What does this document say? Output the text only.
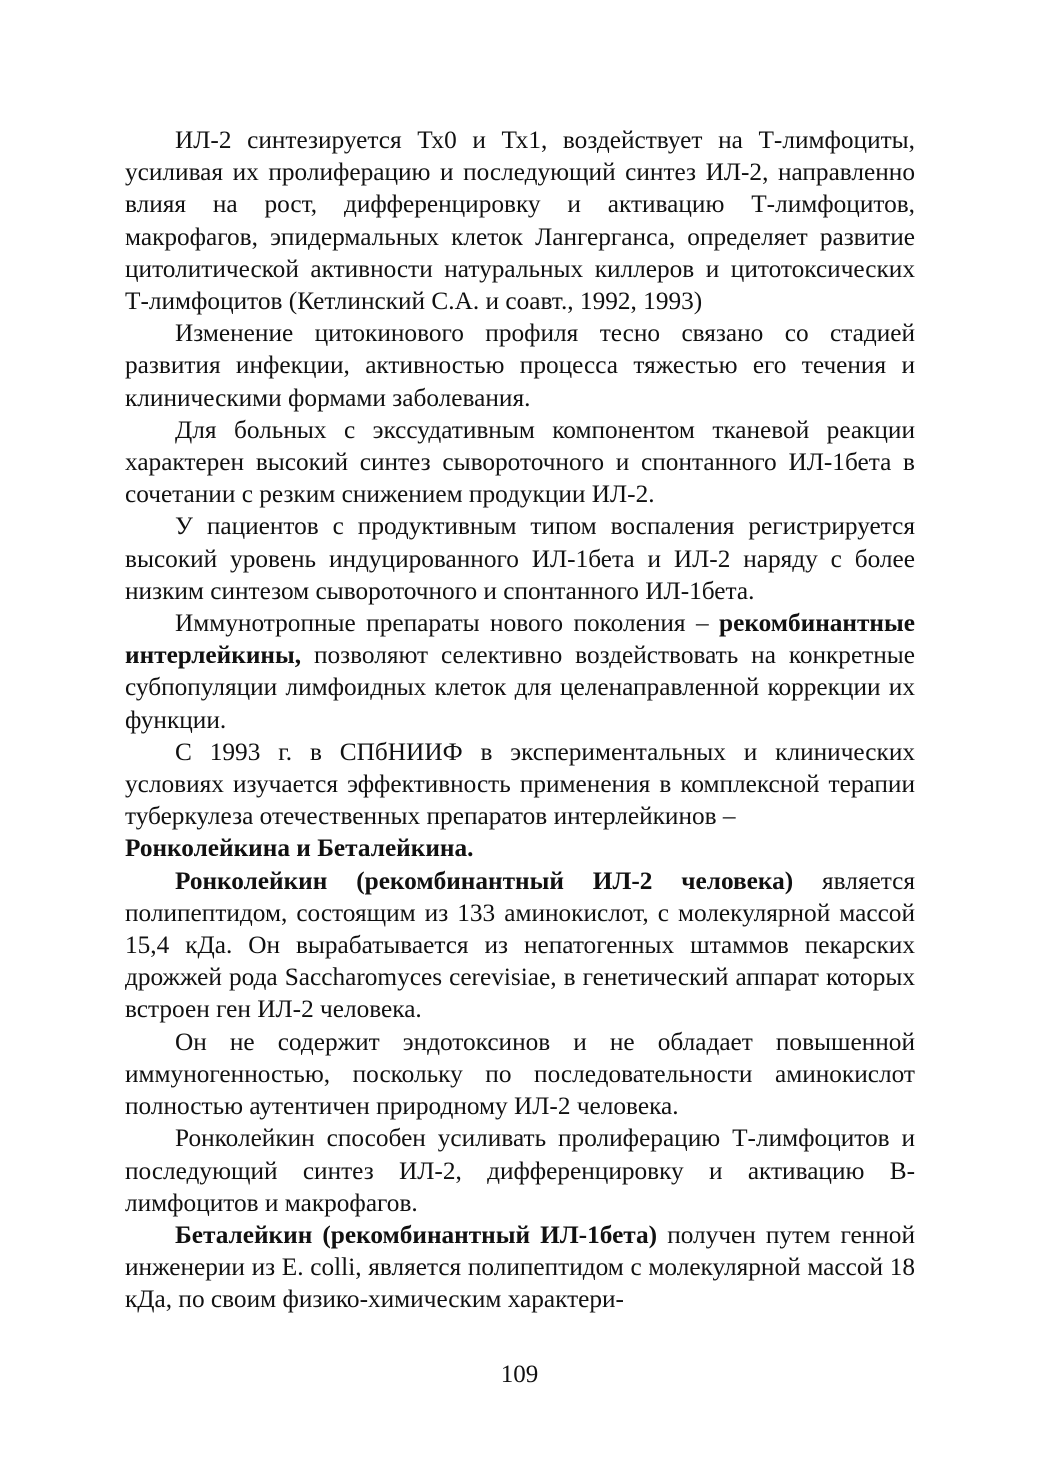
ИЛ-2 синтезируется Тх0 и Тх1, воздействует на Т-лимфоциты, усиливая их пролиферацию и последующий синтез ИЛ-2, направленно влияя на рост, дифференцировку и активацию Т-лимфоцитов, макрофагов, эпидермальных клеток Лангерганса, определяет развитие цитолитической активности натуральных киллеров и цитотоксических Т-лимфоцитов (Кетлинский С.А. и соавт., 1992, 1993)

Изменение цитокинового профиля тесно связано со стадией развития инфекции, активностью процесса тяжестью его течения и клиническими формами заболевания.

Для больных с экссудативным компонентом тканевой реакции характерен высокий синтез сывороточного и спонтанного ИЛ-1бета в сочетании с резким снижением продукции ИЛ-2.

У пациентов с продуктивным типом воспаления регистрируется высокий уровень индуцированного ИЛ-1бета и ИЛ-2 наряду с более низким синтезом сывороточного и спонтанного ИЛ-1бета.

Иммунотропные препараты нового поколения – рекомбинантные интерлейкины, позволяют селективно воздействовать на конкретные субпопуляции лимфоидных клеток для целенаправленной коррекции их функции.

С 1993 г. в СПбНИИФ в экспериментальных и клинических условиях изучается эффективность применения в комплексной терапии туберкулеза отечественных препаратов интерлейкинов –

Ронколейкина и Беталейкина.

Ронколейкин (рекомбинантный ИЛ-2 человека) является полипептидом, состоящим из 133 аминокислот, с молекулярной массой 15,4 кДа. Он вырабатывается из непатогенных штаммов пекарских дрожжей рода Saccharomyces cerevisiae, в генетический аппарат которых встроен ген ИЛ-2 человека.

Он не содержит эндотоксинов и не обладает повышенной иммуногенностью, поскольку по последовательности аминокислот полностью аутентичен природному ИЛ-2 человека.

Ронколейкин способен усиливать пролиферацию Т-лимфоцитов и последующий синтез ИЛ-2, дифференцировку и активацию В-лимфоцитов и макрофагов.

Беталейкин (рекомбинантный ИЛ-1бета) получен путем генной инженерии из E. colli, является полипептидом с молекулярной массой 18 кДа, по своим физико-химическим характери-

109
